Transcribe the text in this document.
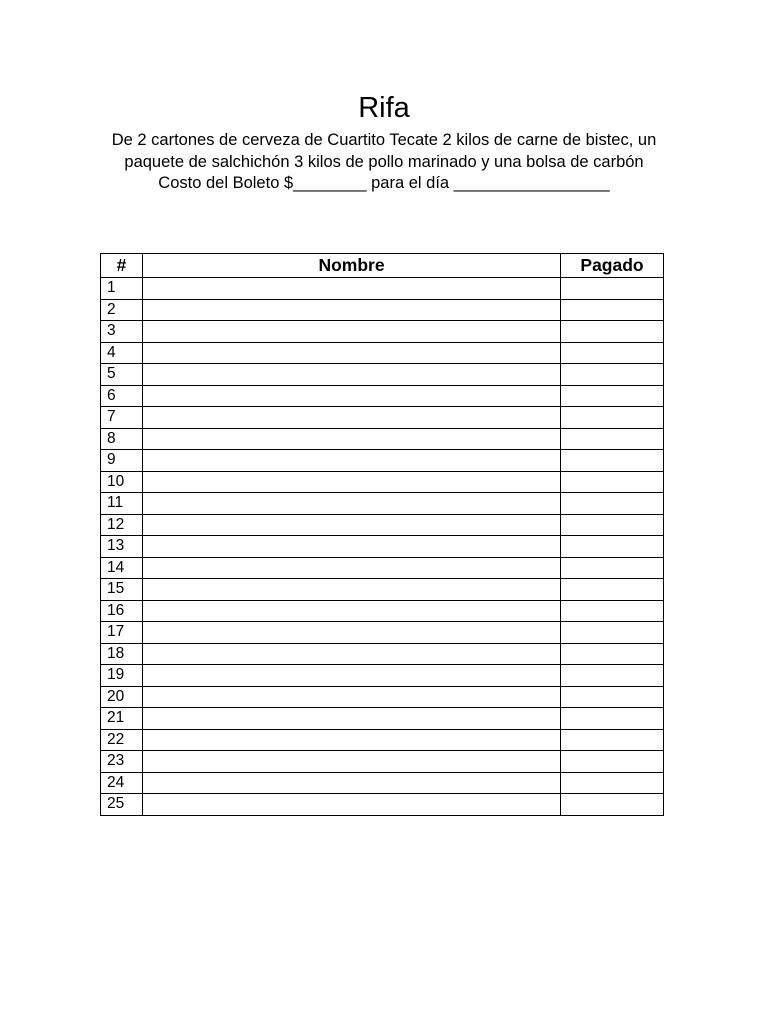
Rifa

De 2 cartones de cerveza de Cuartito Tecate 2 kilos de carne de bistec, un paquete de salchichón 3 kilos de pollo marinado y una bolsa de carbón

Costo del Boleto $________ para el día _________________

#	Nombre	Pagado
1		
2		
3		
4		
5		
6		
7		
8		
9		
10		
11		
12		
13		
14		
15		
16		
17		
18		
19		
20		
21		
22		
23		
24		
25		
